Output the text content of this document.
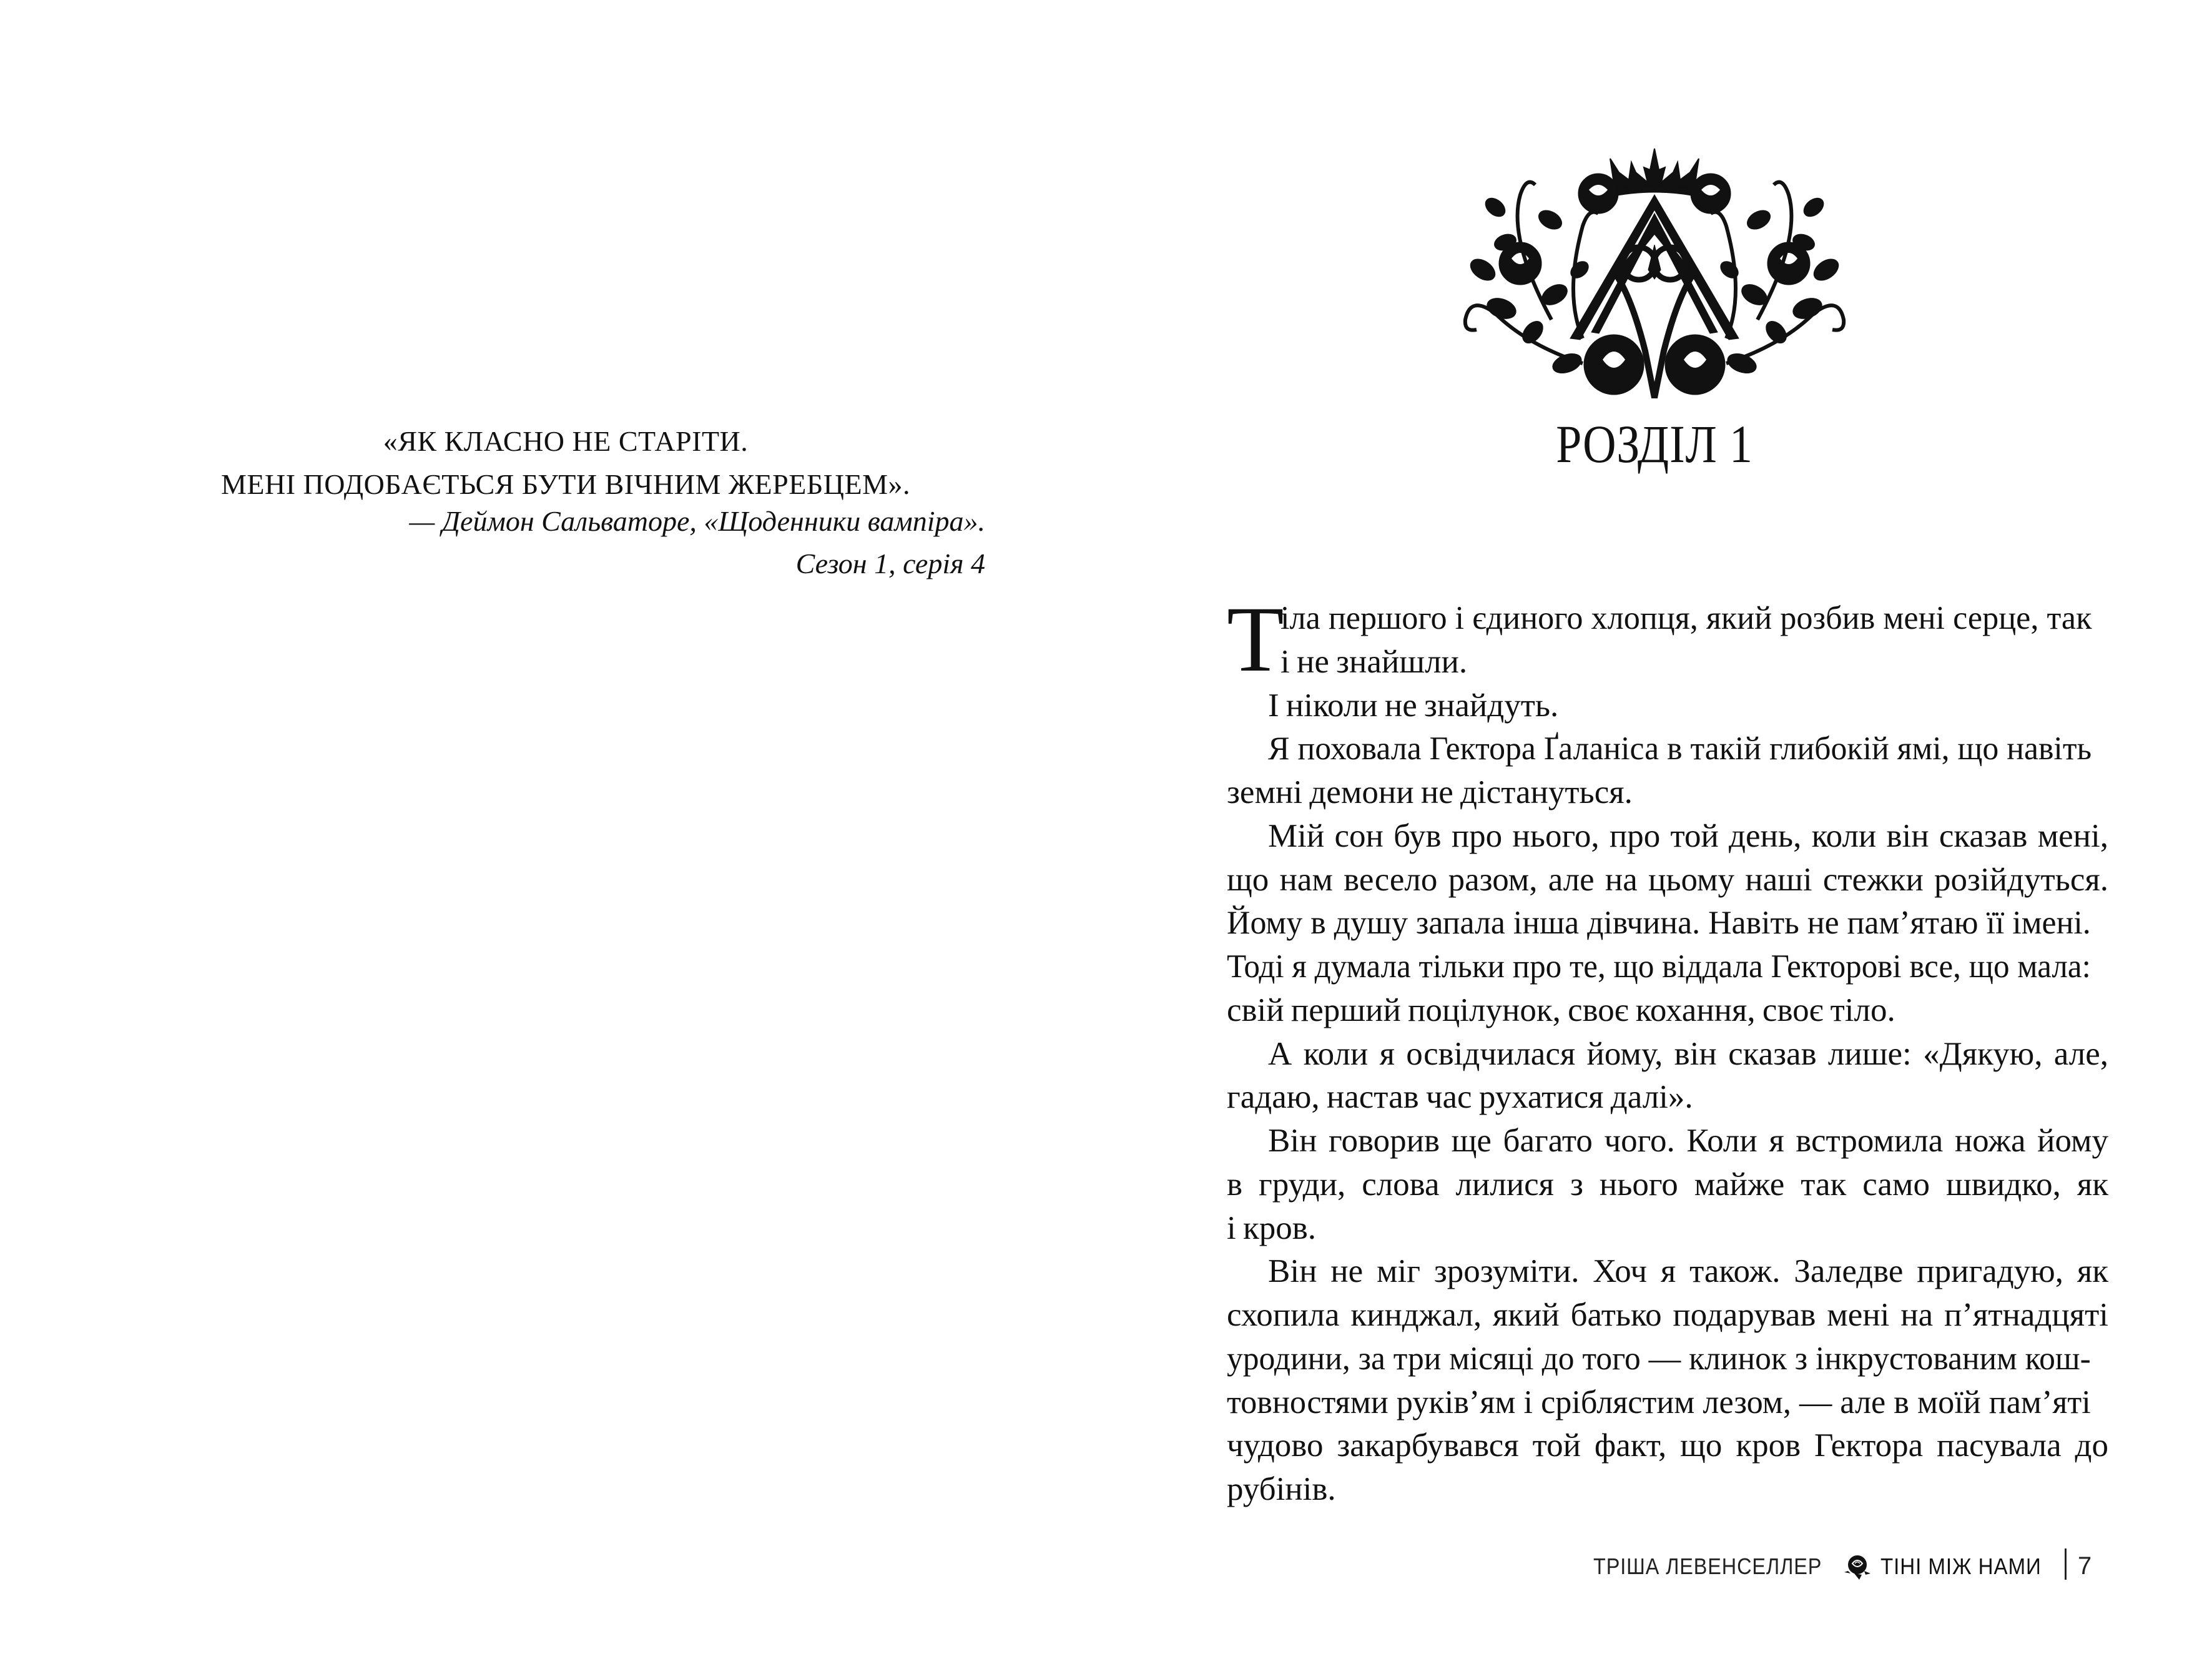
«ЯК КЛАСНО НЕ СТАРІТИ.
МЕНІ ПОДОБАЄТЬСЯ БУТИ ВІЧНИМ ЖЕРЕБЦЕМ».
— Деймон Сальваторе, «Щоденники вампіра».
Сезон 1, серія 4
РОЗДІЛ 1
Т
іла першого і єдиного хлопця, який розбив мені серце, так
і не знайшли.
І ніколи не знайдуть.
Я поховала Гектора Ґаланіса в такій глибокій ямі, що навіть
земні демони не дістануться.
Мій сон був про нього, про той день, коли він сказав мені,
що нам весело разом, але на цьому наші стежки розійдуться.
Йому в душу запала інша дівчина. Навіть не пам’ятаю її імені.
Тоді я думала тільки про те, що віддала Гекторові все, що мала:
свій перший поцілунок, своє кохання, своє тіло.
А коли я освідчилася йому, він сказав лише: «Дякую, але,
гадаю, настав час рухатися далі».
Він говорив ще багато чого. Коли я встромила ножа йому
в груди, слова лилися з нього майже так само швидко, як
і кров.
Він не міг зрозуміти. Хоч я також. Заледве пригадую, як
схопила кинджал, який батько подарував мені на п’ятнадцяті
уродини, за три місяці до того — клинок з інкрустованим кош-
товностями руків’ям і сріблястим лезом, — але в моїй пам’яті
чудово закарбувався той факт, що кров Гектора пасувала до
рубінів.
ТРІША ЛЕВЕНСЕЛЛЕР	ТІНІ МІЖ НАМИ 7
